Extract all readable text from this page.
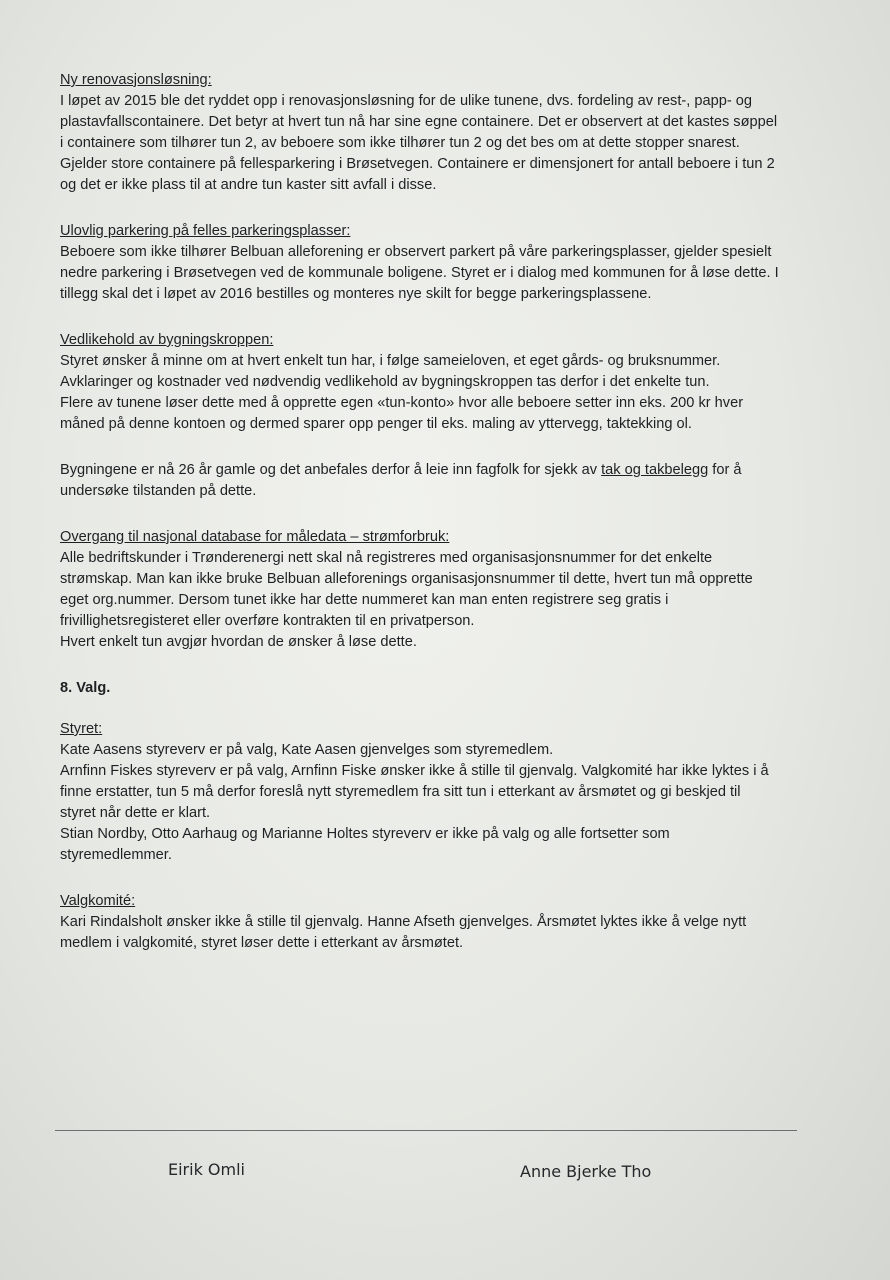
Ny renovasjonsløsning:
I løpet av 2015 ble det ryddet opp i renovasjonsløsning for de ulike tunene, dvs. fordeling av rest-, papp- og
plastavfallscontainere. Det betyr at hvert tun nå har sine egne containere. Det er observert at det kastes søppel
i containere som tilhører tun 2, av beboere som ikke tilhører tun 2 og det bes om at dette stopper snarest.
Gjelder store containere på fellesparkering i Brøsetvegen. Containere er dimensjonert for antall beboere i tun 2
og det er ikke plass til at andre tun kaster sitt avfall i disse.
Ulovlig parkering på felles parkeringsplasser:
Beboere som ikke tilhører Belbuan alleforening er observert parkert på våre parkeringsplasser, gjelder spesielt
nedre parkering i Brøsetvegen ved de kommunale boligene. Styret er i dialog med kommunen for å løse dette. I
tillegg skal det i løpet av 2016 bestilles og monteres nye skilt for begge parkeringsplassene.
Vedlikehold av bygningskroppen:
Styret ønsker å minne om at hvert enkelt tun har, i følge sameieloven, et eget gårds- og bruksnummer.
Avklaringer og kostnader ved nødvendig vedlikehold av bygningskroppen tas derfor i det enkelte tun.
Flere av tunene løser dette med å opprette egen «tun-konto» hvor alle beboere setter inn eks. 200 kr hver
måned på denne kontoen og dermed sparer opp penger til eks. maling av yttervegg, taktekking ol.
Bygningene er nå 26 år gamle og det anbefales derfor å leie inn fagfolk for sjekk av tak og takbelegg for å
undersøke tilstanden på dette.
Overgang til nasjonal database for måledata – strømforbruk:
Alle bedriftskunder i Trønderenergi nett skal nå registreres med organisasjonsnummer for det enkelte
strømskap. Man kan ikke bruke Belbuan alleforenings organisasjonsnummer til dette, hvert tun må opprette
eget org.nummer. Dersom tunet ikke har dette nummeret kan man enten registrere seg gratis i
frivillighetsregisteret eller overføre kontrakten til en privatperson.
Hvert enkelt tun avgjør hvordan de ønsker å løse dette.
8. Valg.
Styret:
Kate Aasens styreverv er på valg, Kate Aasen gjenvelges som styremedlem.
Arnfinn Fiskes styreverv er på valg, Arnfinn Fiske ønsker ikke å stille til gjenvalg. Valgkomité har ikke lyktes i å
finne erstatter, tun 5 må derfor foreslå nytt styremedlem fra sitt tun i etterkant av årsmøtet og gi beskjed til
styret når dette er klart.
Stian Nordby, Otto Aarhaug og Marianne Holtes styreverv er ikke på valg og alle fortsetter som
styremedlemmer.
Valgkomité:
Kari Rindalsholt ønsker ikke å stille til gjenvalg. Hanne Afseth gjenvelges. Årsmøtet lyktes ikke å velge nytt
medlem i valgkomité, styret løser dette i etterkant av årsmøtet.
Eirik Omli	Anne Bjerke Tho
